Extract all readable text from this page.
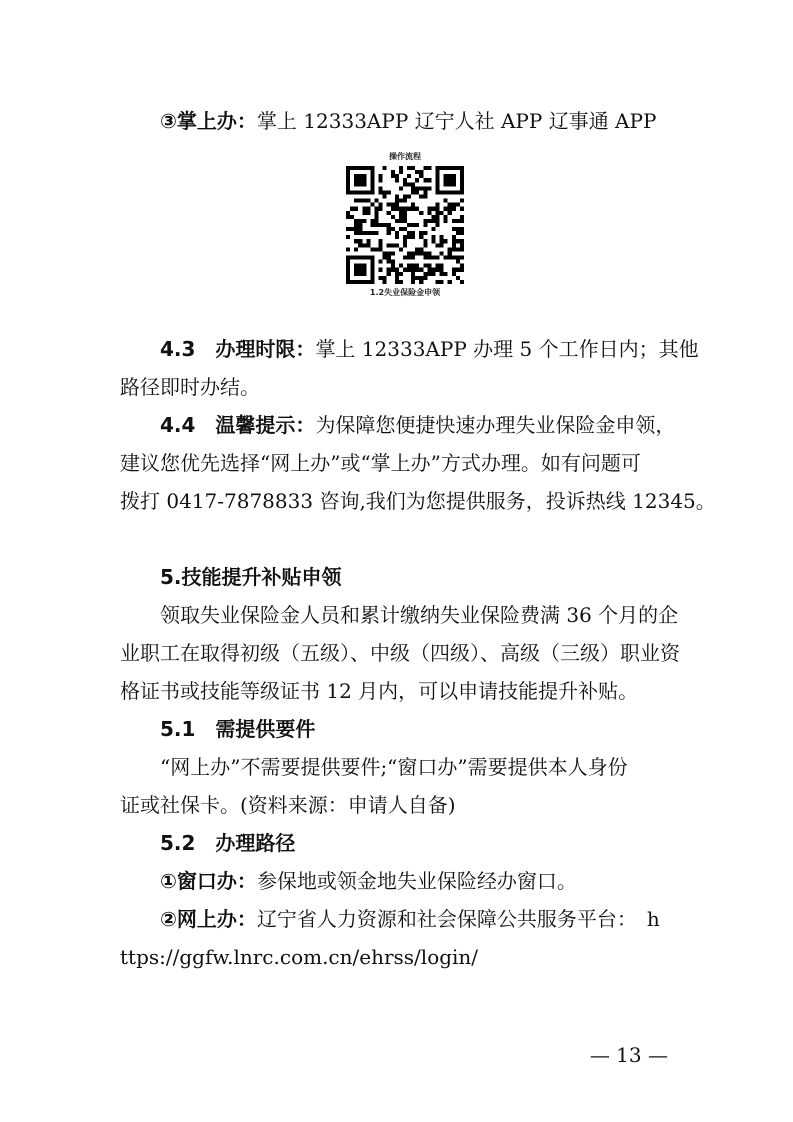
③掌上办：掌上 12333APP 辽宁人社 APP 辽事通 APP
操作流程
1.2失业保险金申领
4.3　办理时限：掌上 12333APP 办理 5 个工作日内；其他
路径即时办结。
4.4　温馨提示：为保障您便捷快速办理失业保险金申领，
建议您优先选择“网上办”或“掌上办”方式办理。如有问题可
拨打 0417-7878833 咨询,我们为您提供服务，投诉热线 12345。
5.技能提升补贴申领
领取失业保险金人员和累计缴纳失业保险费满 36 个月的企
业职工在取得初级（五级）、中级（四级）、高级（三级）职业资
格证书或技能等级证书 12 月内，可以申请技能提升补贴。
5.1　需提供要件
“网上办”不需要提供要件;“窗口办”需要提供本人身份
证或社保卡。(资料来源：申请人自备)
5.2　办理路径
①窗口办：参保地或领金地失业保险经办窗口。
②网上办：辽宁省人力资源和社会保障公共服务平台：　h
ttps://ggfw.lnrc.com.cn/ehrss/login/
— 13 —
